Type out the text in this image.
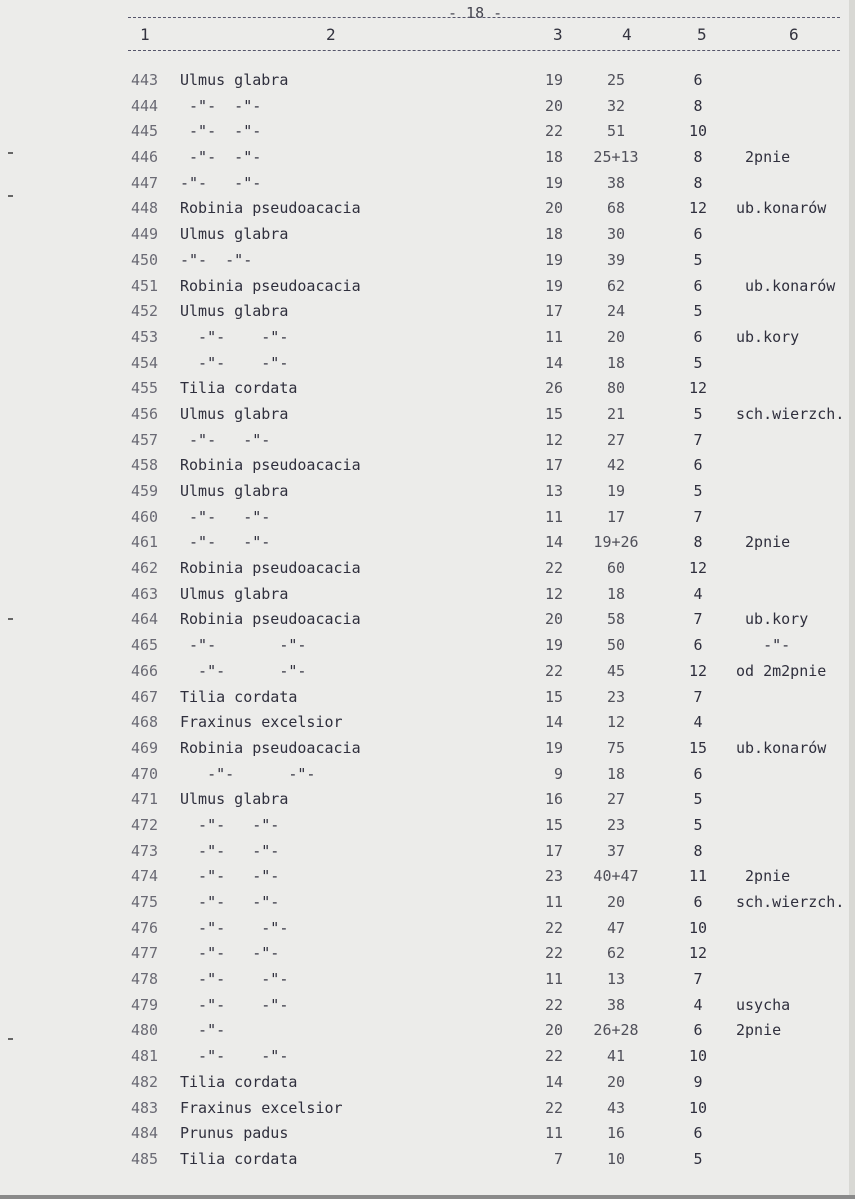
- 18 -
1	2	3	4	5	6
443 Ulmus glabra	19	25	6
444 -"-  -"-	20	32	8
445 -"-  -"-	22	51	10
446 -"-  -"-	18	25+13	8	2pnie
447 -"-   -"-	19	38	8
448 Robinia pseudoacacia	20	68	12	ub.konarów
449 Ulmus glabra	18	30	6
450 -"-  -"-	19	39	5
451 Robinia pseudoacacia	19	62	6	ub.konarów
452 Ulmus glabra	17	24	5
453 -"-    -"-	11	20	6	ub.kory
454 -"-    -"-	14	18	5
455 Tilia cordata	26	80	12
456 Ulmus glabra	15	21	5	sch.wierzch.
457 -"-   -"-	12	27	7
458 Robinia pseudoacacia	17	42	6
459 Ulmus glabra	13	19	5
460 -"-   -"-	11	17	7
461 -"-   -"-	14	19+26	8	2pnie
462 Robinia pseudoacacia	22	60	12
463 Ulmus glabra	12	18	4
464 Robinia pseudoacacia	20	58	7	ub.kory
465 -"-       -"-	19	50	6	-"-
466 -"-      -"-	22	45	12	od 2m2pnie
467 Tilia cordata	15	23	7
468 Fraxinus excelsior	14	12	4
469 Robinia pseudoacacia	19	75	15	ub.konarów
470 -"-      -"-	9	18	6
471 Ulmus glabra	16	27	5
472 -"-   -"-	15	23	5
473 -"-   -"-	17	37	8
474 -"-   -"-	23	40+47	11	2pnie
475 -"-   -"-	11	20	6	sch.wierzch.
476 -"-    -"-	22	47	10
477 -"-   -"-	22	62	12
478 -"-    -"-	11	13	7
479 -"-    -"-	22	38	4	usycha
480 -"-	20	26+28	6	2pnie
481 -"-    -"-	22	41	10
482 Tilia cordata	14	20	9
483 Fraxinus excelsior	22	43	10
484 Prunus padus	11	16	6
485 Tilia cordata	7	10	5
